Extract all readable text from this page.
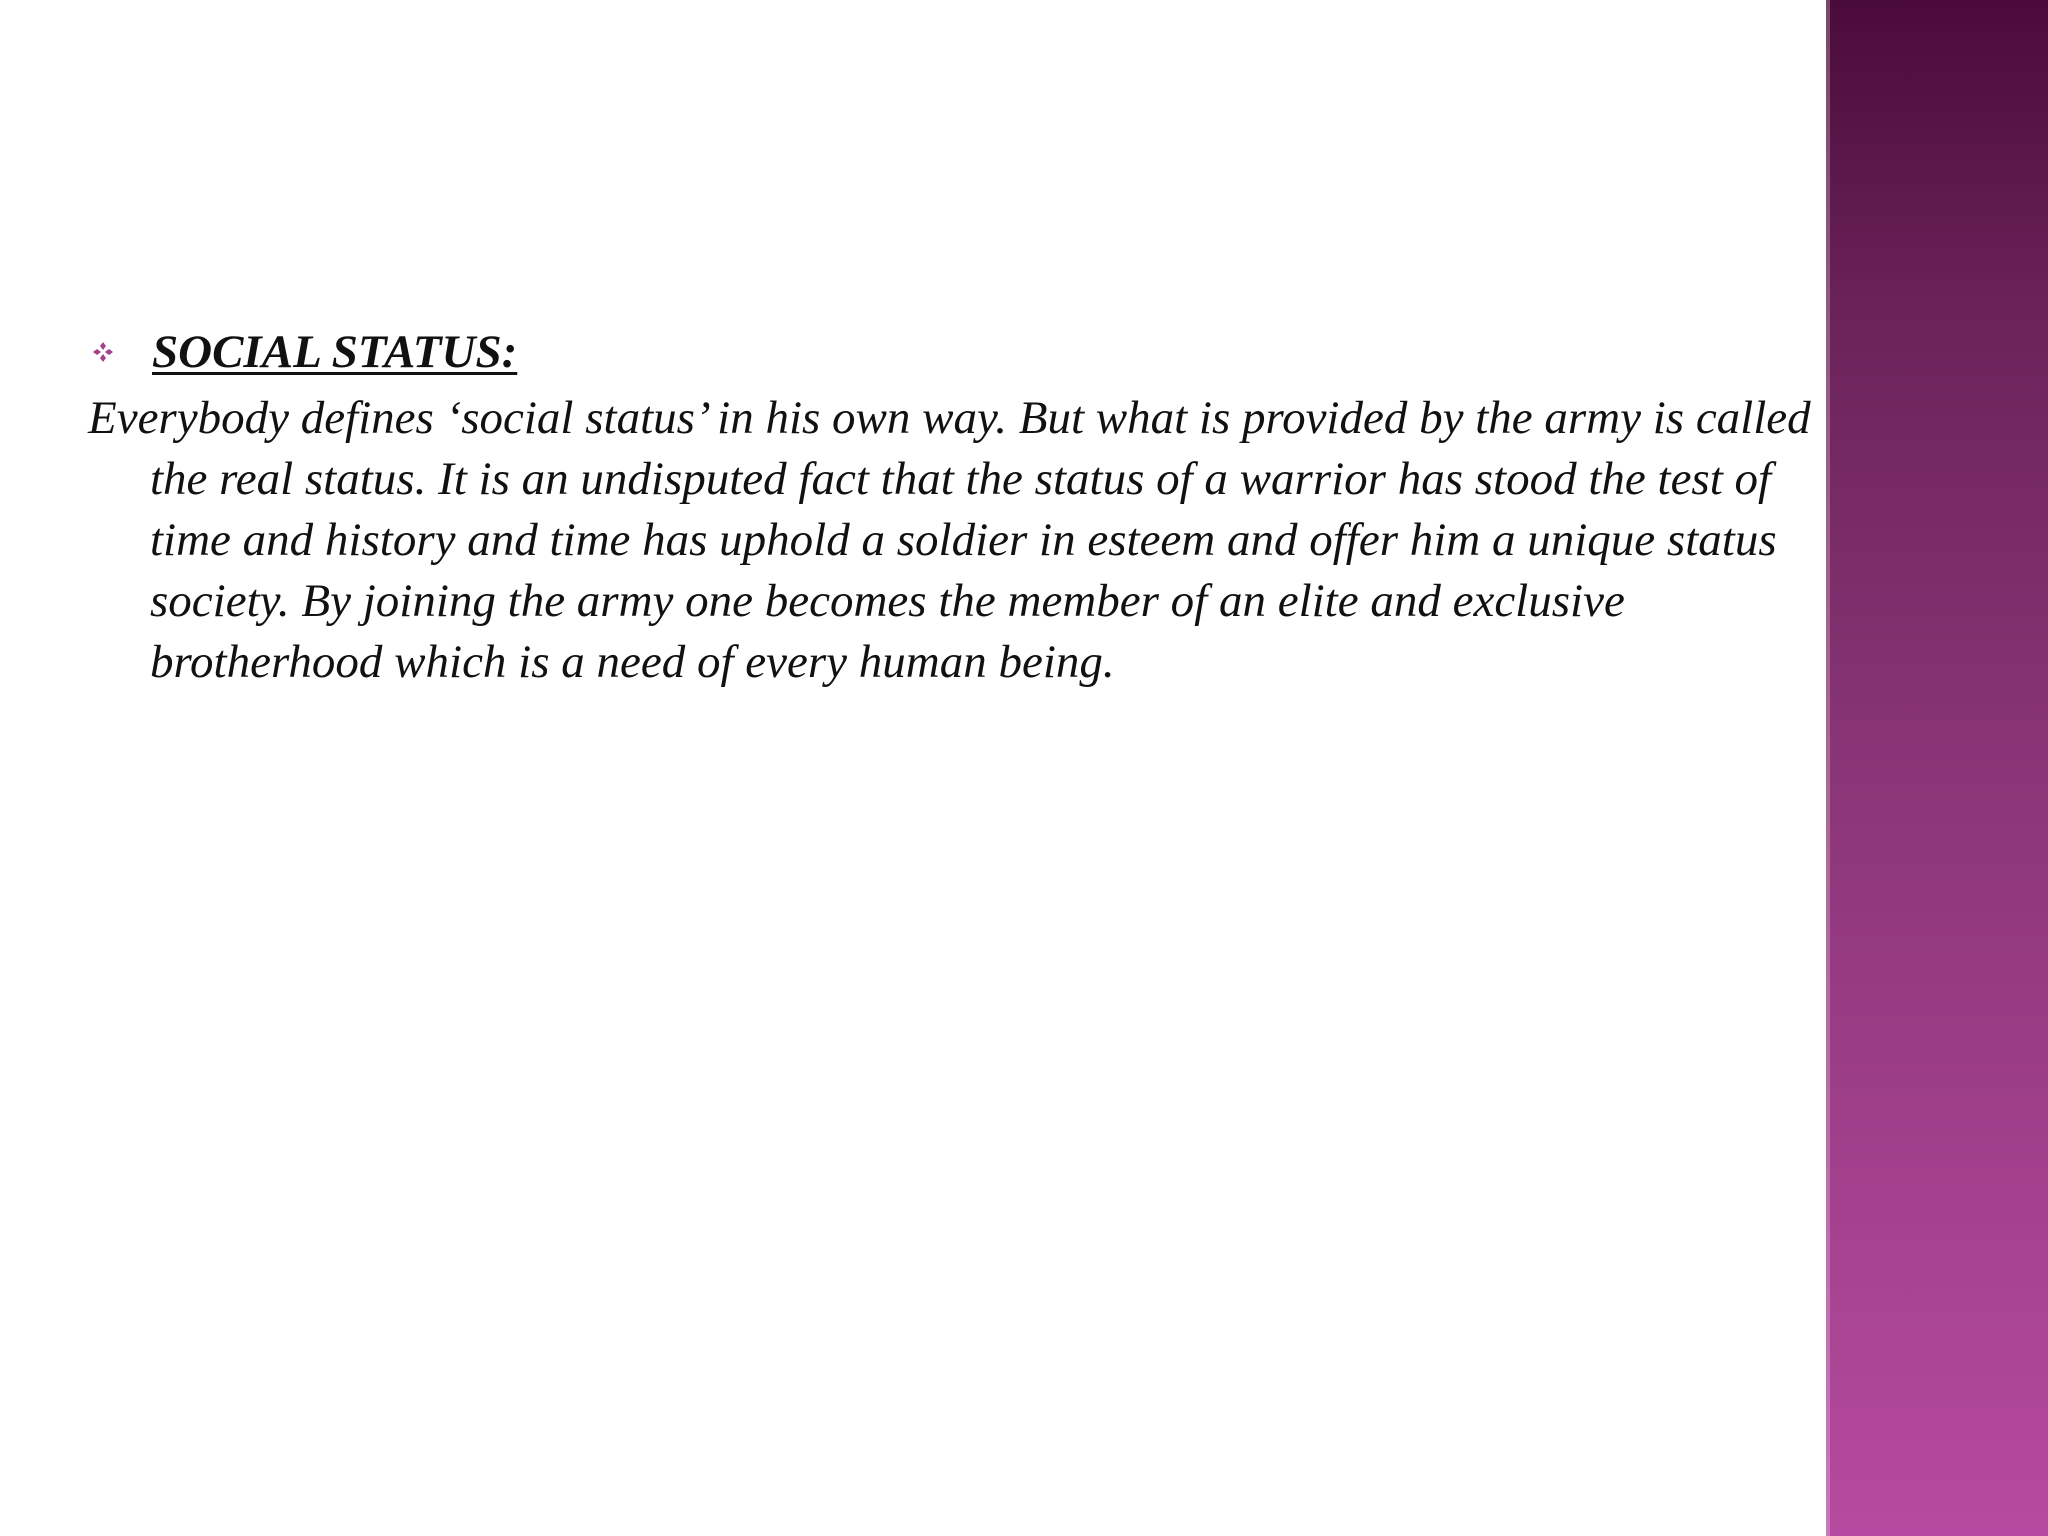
SOCIAL STATUS:

Everybody defines ‘social status’ in his own way. But what is provided by the army is called the real status. It is an undisputed fact that the status of a warrior has stood the test of time and history and time has uphold a soldier in esteem and offer him a unique status society. By joining the army one becomes the member of an elite and exclusive brotherhood which is a need of every human being.
